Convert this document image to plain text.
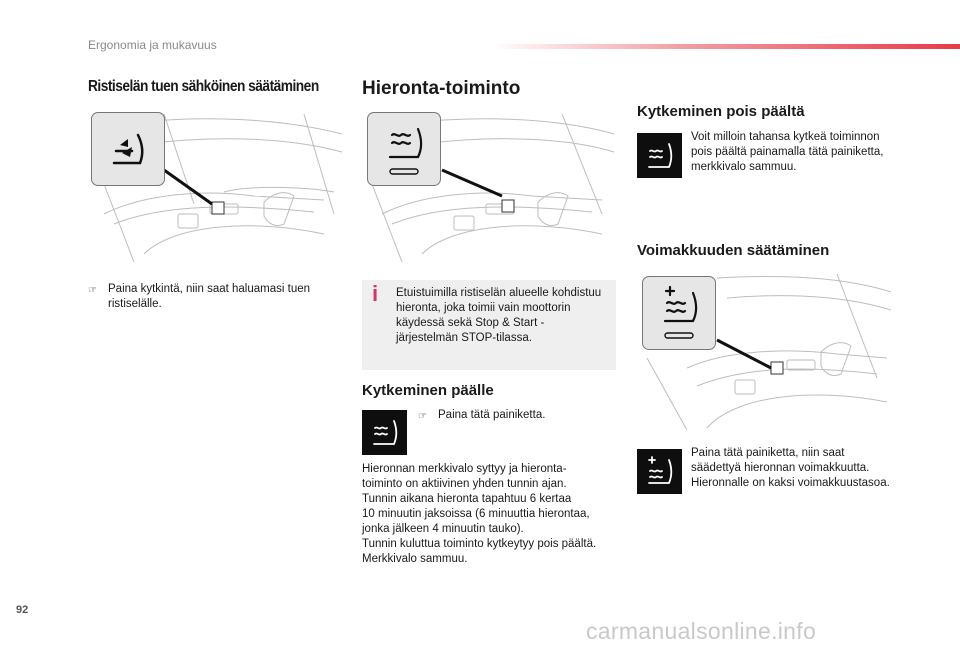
Ergonomia ja mukavuus
Ristiselän tuen sähköinen säätäminen
☞ Paina kytkintä, niin saat haluamasi tuen ristiselälle.
Hieronta-toiminto
i Etuistuimilla ristiselän alueelle kohdistuu hieronta, joka toimii vain moottorin käydessä sekä Stop & Start -järjestelmän STOP-tilassa.
Kytkeminen päälle
☞ Paina tätä painiketta.
Hieronnan merkkivalo syttyy ja hieronta-
toiminto on aktiivinen yhden tunnin ajan.
Tunnin aikana hieronta tapahtuu 6 kertaa
10 minuutin jaksoissa (6 minuuttia hierontaa,
jonka jälkeen 4 minuutin tauko).
Tunnin kuluttua toiminto kytkeytyy pois päältä.
Merkkivalo sammuu.
Kytkeminen pois päältä
Voit milloin tahansa kytkeä toiminnon pois päältä painamalla tätä painiketta, merkkivalo sammuu.
Voimakkuuden säätäminen
Paina tätä painiketta, niin saat säädettyä hieronnan voimakkuutta. Hieronnalle on kaksi voimakkuustasoa.
92
carmanualsonline.info
